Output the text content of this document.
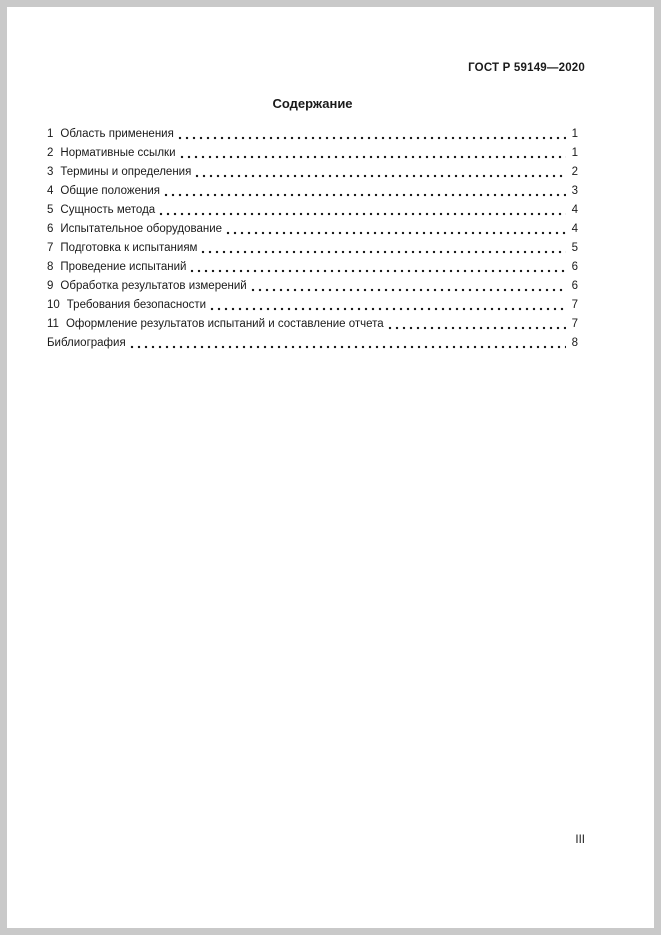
ГОСТ Р 59149—2020
Содержание
1 Область применения	1
2 Нормативные ссылки	1
3 Термины и определения	2
4 Общие положения	3
5 Сущность метода	4
6 Испытательное оборудование	4
7 Подготовка к испытаниям	5
8 Проведение испытаний	6
9 Обработка результатов измерений	6
10 Требования безопасности	7
11 Оформление результатов испытаний и составление отчета	7
Библиография	8
III
